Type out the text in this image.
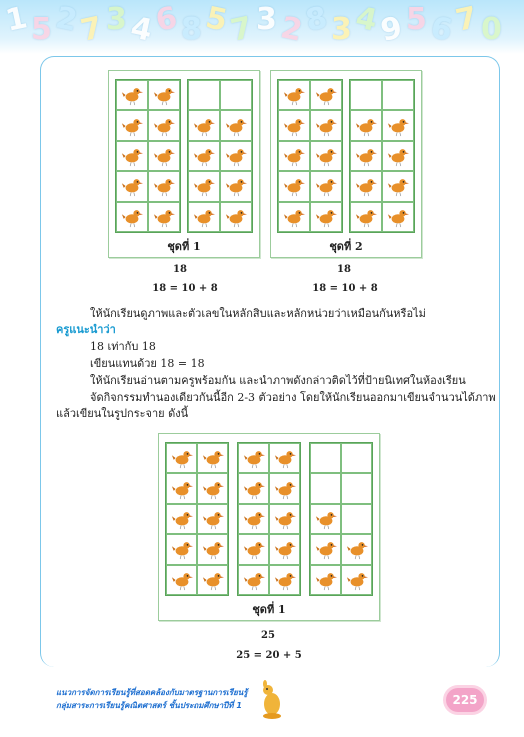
1 5 2
7 3 4
6 8 5
7 3 2
8 3 4
9 5 6
7 0
ชุดที่ 1
18
18 = 10 + 8
ชุดที่ 2
18
18 = 10 + 8
ให้นักเรียนดูภาพและตัวเลขในหลักสิบและหลักหน่วยว่าเหมือนกันหรือไม่
ครูแนะนำว่า
18 เท่ากับ 18
เขียนแทนด้วย 18 = 18
ให้นักเรียนอ่านตามครูพร้อมกัน และนำภาพดังกล่าวติดไว้ที่ป้ายนิเทศในห้องเรียน
จัดกิจกรรมทำนองเดียวกันนี้อีก 2-3 ตัวอย่าง โดยให้นักเรียนออกมาเขียนจำนวนได้ภาพ
แล้วเขียนในรูปกระจาย ดังนี้
ชุดที่ 1
25
25 = 20 + 5
แนวการจัดการเรียนรู้ที่สอดคล้องกับมาตรฐานการเรียนรู้
กลุ่มสาระการเรียนรู้คณิตศาสตร์ ชั้นประถมศึกษาปีที่ 1	225
